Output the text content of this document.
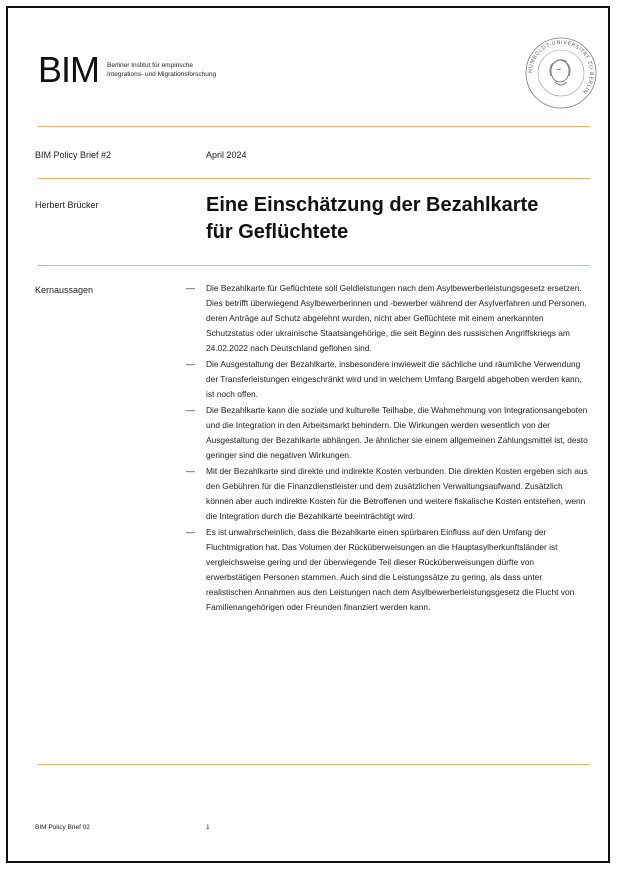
BIM Berliner Institut für empirische
Integrations- und Migrationsforschung
HUMBOLDT-UNIVERSITÄT ZU BERLIN
BIM Policy Brief #2	April 2024
Herbert Brücker	Eine Einschätzung der Bezahlkarte
für Geflüchtete
Kernaussagen	—	Die Bezahlkarte für Geflüchtete soll Geldleistungen nach dem Asylbewerberleistungsgesetz ersetzen. Dies betrifft überwiegend Asylbewerberinnen und -bewerber während der Asylverfahren und Personen, deren Anträge auf Schutz abgelehnt wurden, nicht aber Geflüchtete mit einem anerkannten Schutzstatus oder ukrainische Staatsangehörige, die seit Beginn des russischen Angriffskriegs am 24.02.2022 nach Deutschland geflohen sind.
—	Die Ausgestaltung der Bezahlkarte, insbesondere inwieweit die sächliche und räumliche Verwendung der Transferleistungen eingeschränkt wird und in welchem Umfang Bargeld abgehoben werden kann, ist noch offen.
—	Die Bezahlkarte kann die soziale und kulturelle Teilhabe, die Wahrnehmung von Integrationsangeboten und die Integration in den Arbeitsmarkt behindern. Die Wirkungen werden wesentlich von der Ausgestaltung der Bezahlkarte abhängen. Je ähnlicher sie einem allgemeinen Zahlungsmittel ist, desto geringer sind die negativen Wirkungen.
—	Mit der Bezahlkarte sind direkte und indirekte Kosten verbunden. Die direkten Kosten ergeben sich aus den Gebühren für die Finanzdienstleister und dem zusätzlichen Verwaltungsaufwand. Zusätzlich können aber auch indirekte Kosten für die Betroffenen und weitere fiskalische Kosten entstehen, wenn die Integration durch die Bezahlkarte beeinträchtigt wird.
—	Es ist unwahrscheinlich, dass die Bezahlkarte einen spürbaren Einfluss auf den Umfang der Fluchtmigration hat. Das Volumen der Rücküberweisungen an die Hauptasylherkunftsländer ist vergleichsweise gering und der überwiegende Teil dieser Rücküberweisungen dürfte von erwerbstätigen Personen stammen. Auch sind die Leistungssätze zu gering, als dass unter realistischen Annahmen aus den Leistungen nach dem Asylbewerberleistungsgesetz die Flucht von Familienangehörigen oder Freunden finanziert werden kann.
BIM Policy Brief 02	1
